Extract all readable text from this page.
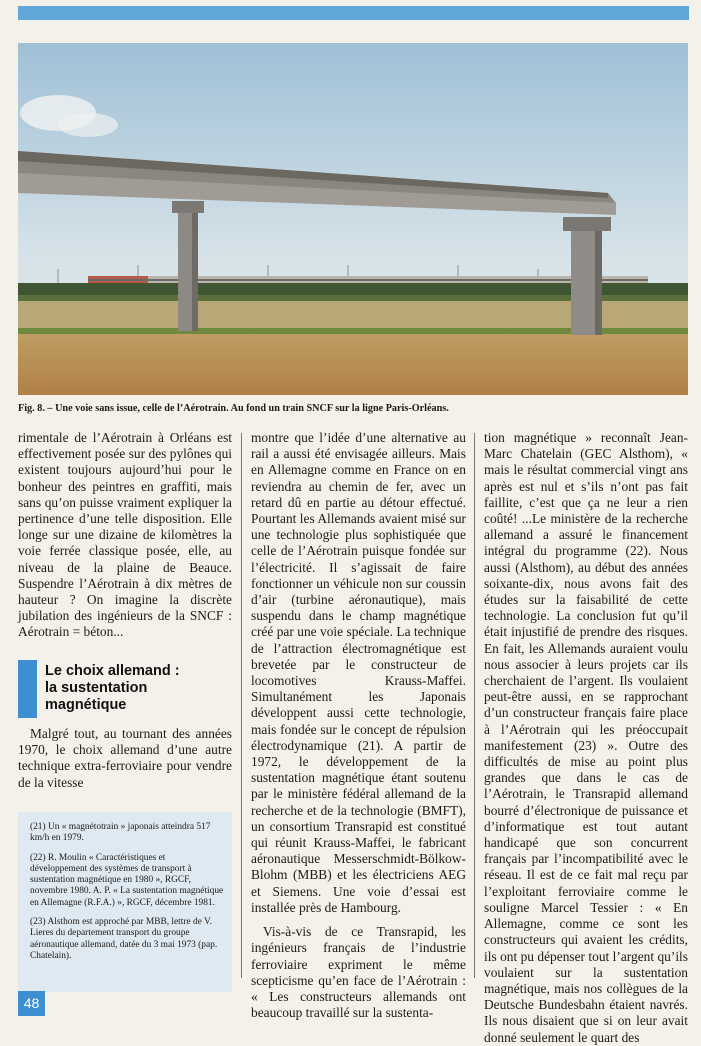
Fig. 8. – Une voie sans issue, celle de l’Aérotrain. Au fond un train SNCF sur la ligne Paris-Orléans.

rimentale de l’Aérotrain à Orléans est effectivement posée sur des pylônes qui existent toujours aujourd’hui pour le bonheur des peintres en graffiti, mais sans qu’on puisse vraiment expliquer la pertinence d’une telle disposition. Elle longe sur une dizaine de kilomètres la voie ferrée classique posée, elle, au niveau de la plaine de Beauce. Suspendre l’Aérotrain à dix mètres de hauteur ? On imagine la discrète jubilation des ingénieurs de la SNCF : Aérotrain = béton...

Le choix allemand :
la sustentation
magnétique

Malgré tout, au tournant des années 1970, le choix allemand d’une autre technique extra-ferroviaire pour vendre de la vitesse

(21) Un « magnétotrain » japonais atteindra 517 km/h en 1979.

(22) R. Moulin « Caractéristiques et développement des systèmes de transport à sustentation magnétique en 1980 », RGCF, novembre 1980. A. P. « La sustentation magnétique en Allemagne (R.F.A.) », RGCF, décembre 1981.

(23) Alsthom est approché par MBB, lettre de V. Lieres du departement transport du groupe aéronautique allemand, datée du 3 mai 1973 (pap. Chatelain).

montre que l’idée d’une alternative au rail a aussi été envisagée ailleurs. Mais en Allemagne comme en France on en reviendra au chemin de fer, avec un retard dû en partie au détour effectué. Pourtant les Allemands avaient misé sur une technologie plus sophistiquée que celle de l’Aérotrain puisque fondée sur l’électricité. Il s’agissait de faire fonctionner un véhicule non sur coussin d’air (turbine aéronautique), mais suspendu dans le champ magnétique créé par une voie spéciale. La technique de l’attraction électromagnétique est brevetée par le constructeur de locomotives Krauss-Maffei. Simultanément les Japonais développent aussi cette technologie, mais fondée sur le concept de répulsion électrodynamique (21). A partir de 1972, le développement de la sustentation magnétique étant soutenu par le ministère fédéral allemand de la recherche et de la technologie (BMFT), un consortium Transrapid est constitué qui réunit Krauss-Maffei, le fabricant aéronautique Messerschmidt-Bölkow-Blohm (MBB) et les électriciens AEG et Siemens. Une voie d’essai est installée près de Hambourg.

Vis-à-vis de ce Transrapid, les ingénieurs français de l’industrie ferroviaire expriment le même scepticisme qu’en face de l’Aérotrain : « Les constructeurs allemands ont beaucoup travaillé sur la sustenta-

tion magnétique » reconnaît Jean-Marc Chatelain (GEC Alsthom), « mais le résultat commercial vingt ans après est nul et s’ils n’ont pas fait faillite, c’est que ça ne leur a rien coûté! ...Le ministère de la recherche allemand a assuré le financement intégral du programme (22). Nous aussi (Alsthom), au début des années soixante-dix, nous avons fait des études sur la faisabilité de cette technologie. La conclusion fut qu’il était injustifié de prendre des risques. En fait, les Allemands auraient voulu nous associer à leurs projets car ils cherchaient de l’argent. Ils voulaient peut-être aussi, en se rapprochant d’un constructeur français faire place à l’Aérotrain qui les préoccupait manifestement (23) ». Outre des difficultés de mise au point plus grandes que dans le cas de l’Aérotrain, le Transrapid allemand bourré d’électronique de puissance et d’informatique est tout autant handicapé que son concurrent français par l’incompatibilité avec le réseau. Il est de ce fait mal reçu par l’exploitant ferroviaire comme le souligne Marcel Tessier : « En Allemagne, comme ce sont les constructeurs qui avaient les crédits, ils ont pu dépenser tout l’argent qu’ils voulaient sur la sustentation magnétique, mais nos collègues de la Deutsche Bundesbahn étaient navrés. Ils nous disaient que si on leur avait donné seulement le quart des

48
